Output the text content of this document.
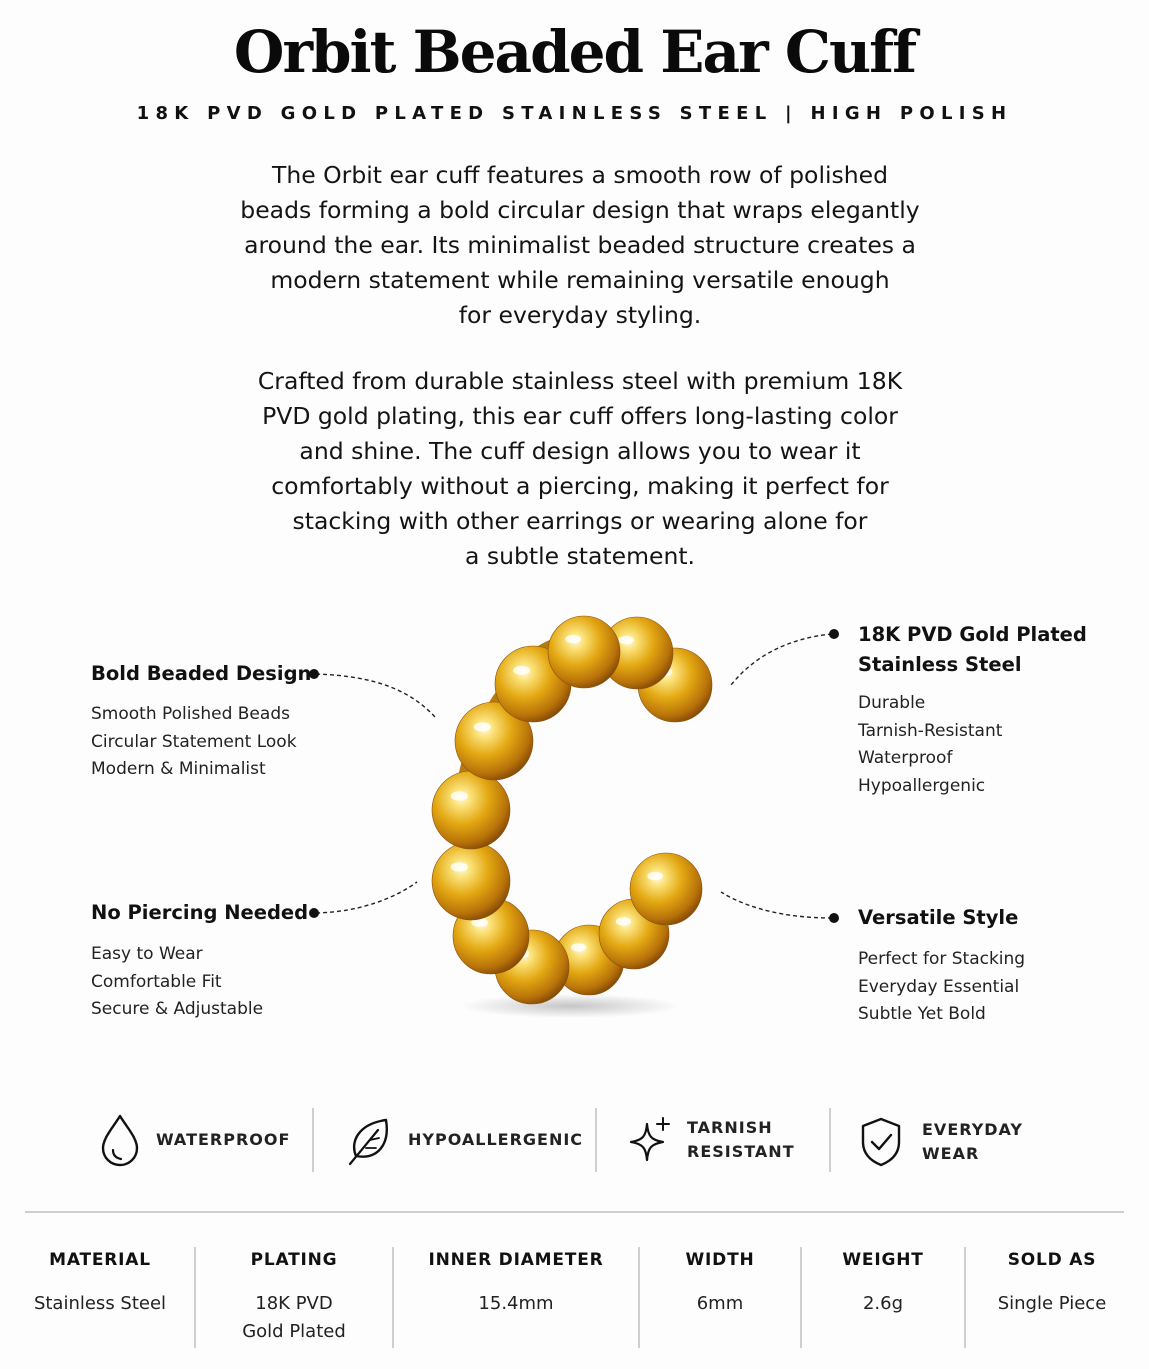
Orbit Beaded Ear Cuff
18K PVD GOLD PLATED STAINLESS STEEL | HIGH POLISH
The Orbit ear cuff features a smooth row of polished
beads forming a bold circular design that wraps elegantly
around the ear. Its minimalist beaded structure creates a
modern statement while remaining versatile enough
for everyday styling.
Crafted from durable stainless steel with premium 18K
PVD gold plating, this ear cuff offers long-lasting color
and shine. The cuff design allows you to wear it
comfortably without a piercing, making it perfect for
stacking with other earrings or wearing alone for
a subtle statement.
Bold Beaded Design
Smooth Polished Beads
Circular Statement Look
Modern & Minimalist
No Piercing Needed
Easy to Wear
Comfortable Fit
Secure & Adjustable
18K PVD Gold Plated
Stainless Steel
Durable
Tarnish-Resistant
Waterproof
Hypoallergenic
Versatile Style
Perfect for Stacking
Everyday Essential
Subtle Yet Bold
WATERPROOF	HYPOALLERGENIC
TARNISH
RESISTANT
EVERYDAY
WEAR
MATERIAL
Stainless Steel
PLATING
18K PVD
Gold Plated
INNER DIAMETER
15.4mm
WIDTH
6mm
WEIGHT
2.6g
SOLD AS
Single Piece
